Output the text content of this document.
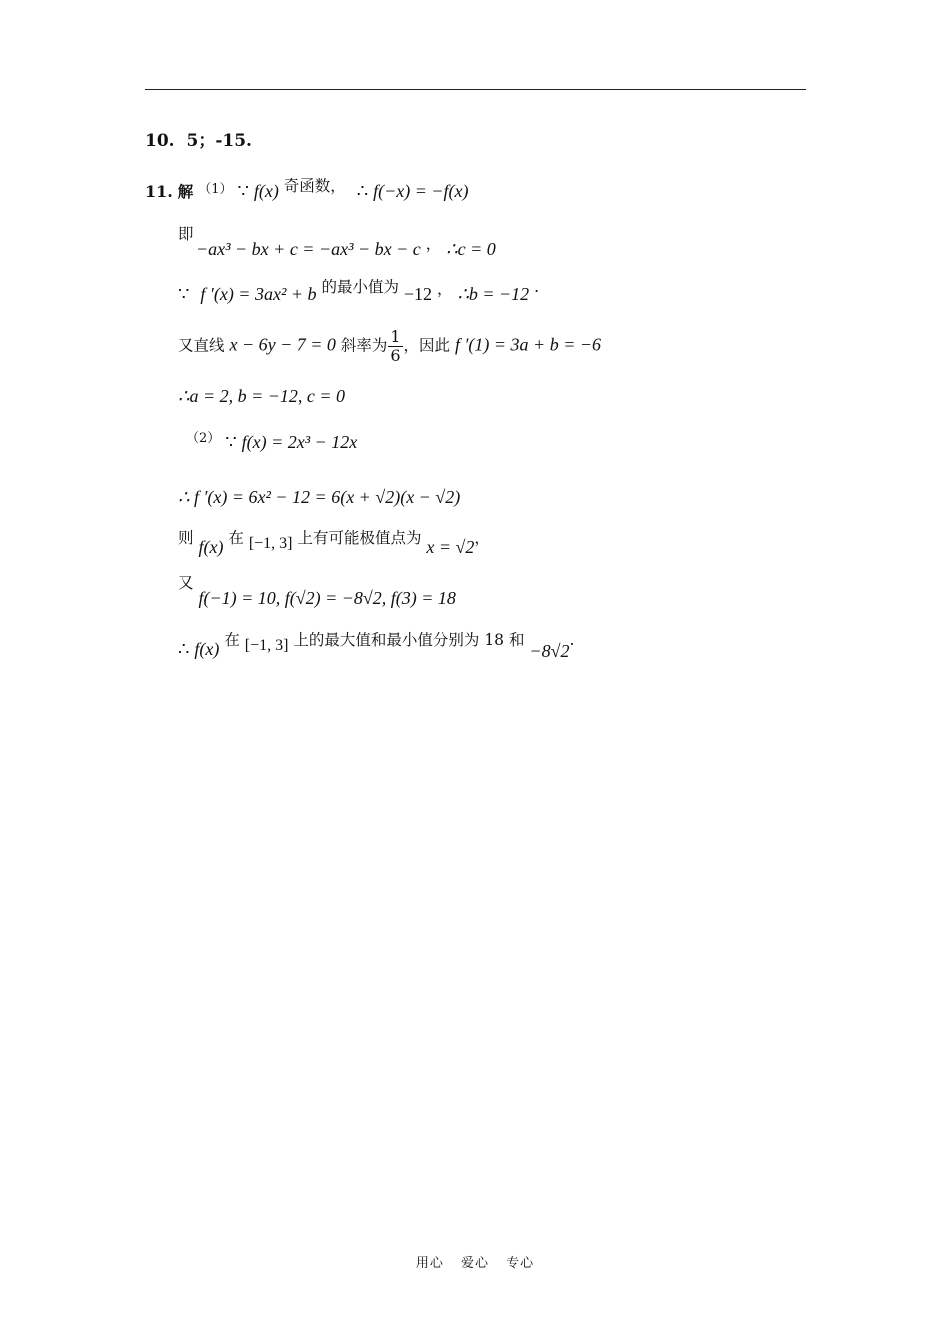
10. 5；-15.
11. 解 $^{(1)}$ ∵ f(x) 奇函数， ∴ f(−x) = −f(x)
即
−ax³ − bx + c = −ax³ − bx − c ， ∴c = 0
∵ f ′(x) = 3ax² + b 的最小值为 −12 ， ∴b = −12 .
又直线 x − 6y − 7 = 0 斜率为 $\frac{1}{6}$ ，因此 f ′(1) = 3a + b = −6
∴a = 2, b = −12, c = 0
$^{(2)}$ ∵ f(x) = 2x³ − 12x
∴ f ′(x) = 6x² − 12 = 6(x + √2)(x − √2)
则 f(x) 在 [−1, 3] 上有可能极值点为 x = √2，
又 f(−1) = 10, f(√2) = −8√2, f(3) = 18
∴ f(x) 在 [−1, 3] 上的最大值和最小值分别为 18 和 −8√2.
用心 爱心 专心
